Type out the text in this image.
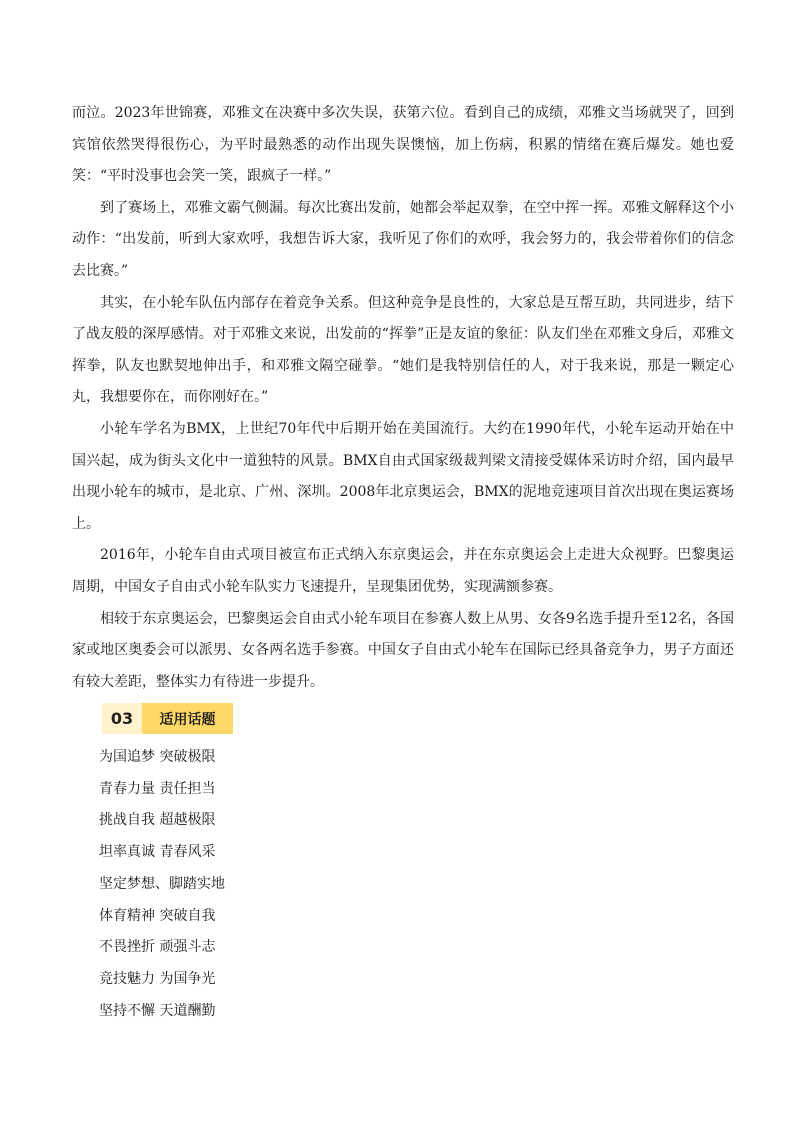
而泣。2023年世锦赛，邓雅文在决赛中多次失误，获第六位。看到自己的成绩，邓雅文当场就哭了，回到宾馆依然哭得很伤心，为平时最熟悉的动作出现失误懊恼，加上伤病，积累的情绪在赛后爆发。她也爱笑：“平时没事也会笑一笑，跟疯子一样。”

到了赛场上，邓雅文霸气侧漏。每次比赛出发前，她都会举起双拳，在空中挥一挥。邓雅文解释这个小动作：“出发前，听到大家欢呼，我想告诉大家，我听见了你们的欢呼，我会努力的，我会带着你们的信念去比赛。”

其实，在小轮车队伍内部存在着竞争关系。但这种竞争是良性的，大家总是互帮互助，共同进步，结下了战友般的深厚感情。对于邓雅文来说，出发前的“挥拳”正是友谊的象征：队友们坐在邓雅文身后，邓雅文挥拳，队友也默契地伸出手，和邓雅文隔空碰拳。“她们是我特别信任的人，对于我来说，那是一颗定心丸，我想要你在，而你刚好在。”

小轮车学名为BMX，上世纪70年代中后期开始在美国流行。大约在1990年代，小轮车运动开始在中国兴起，成为街头文化中一道独特的风景。BMX自由式国家级裁判梁文清接受媒体采访时介绍，国内最早出现小轮车的城市，是北京、广州、深圳。2008年北京奥运会，BMX的泥地竞速项目首次出现在奥运赛场上。

2016年，小轮车自由式项目被宣布正式纳入东京奥运会，并在东京奥运会上走进大众视野。巴黎奥运周期，中国女子自由式小轮车队实力飞速提升，呈现集团优势，实现满额参赛。

相较于东京奥运会，巴黎奥运会自由式小轮车项目在参赛人数上从男、女各9名选手提升至12名，各国家或地区奥委会可以派男、女各两名选手参赛。中国女子自由式小轮车在国际已经具备竞争力，男子方面还有较大差距，整体实力有待进一步提升。

03	适用话题
为国追梦 突破极限
青春力量 责任担当
挑战自我 超越极限
坦率真诚 青春风采
坚定梦想、脚踏实地
体育精神 突破自我
不畏挫折 顽强斗志
竞技魅力 为国争光
坚持不懈 天道酬勤
